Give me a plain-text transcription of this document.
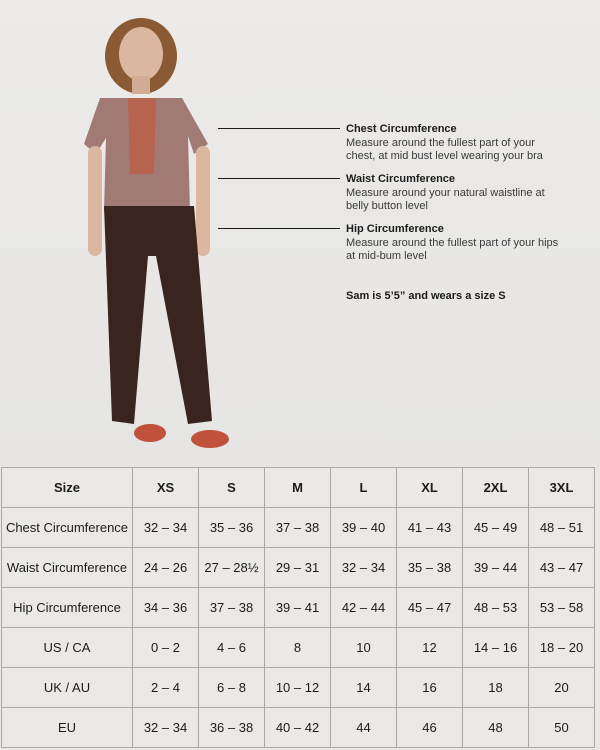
Chest Circumference
Measure around the fullest part of your
chest, at mid bust level wearing your bra
Waist Circumference
Measure around your natural waistline at
belly button level
Hip Circumference
Measure around the fullest part of your hips
at mid-bum level
Sam is 5’5” and wears a size S
Size	XS	S	M	L	XL	2XL	3XL
Chest Circumference	32 – 34	35 – 36	37 – 38	39 – 40	41 – 43	45 – 49	48 – 51
Waist Circumference	24 – 26	27 – 28½	29 – 31	32 – 34	35 – 38	39 – 44	43 – 47
Hip Circumference	34 – 36	37 – 38	39 – 41	42 – 44	45 – 47	48 – 53	53 – 58
US / CA	0 – 2	4 – 6	8	10	12	14 – 16	18 – 20
UK / AU	2 – 4	6 – 8	10 – 12	14	16	18	20
EU	32 – 34	36 – 38	40 – 42	44	46	48	50
